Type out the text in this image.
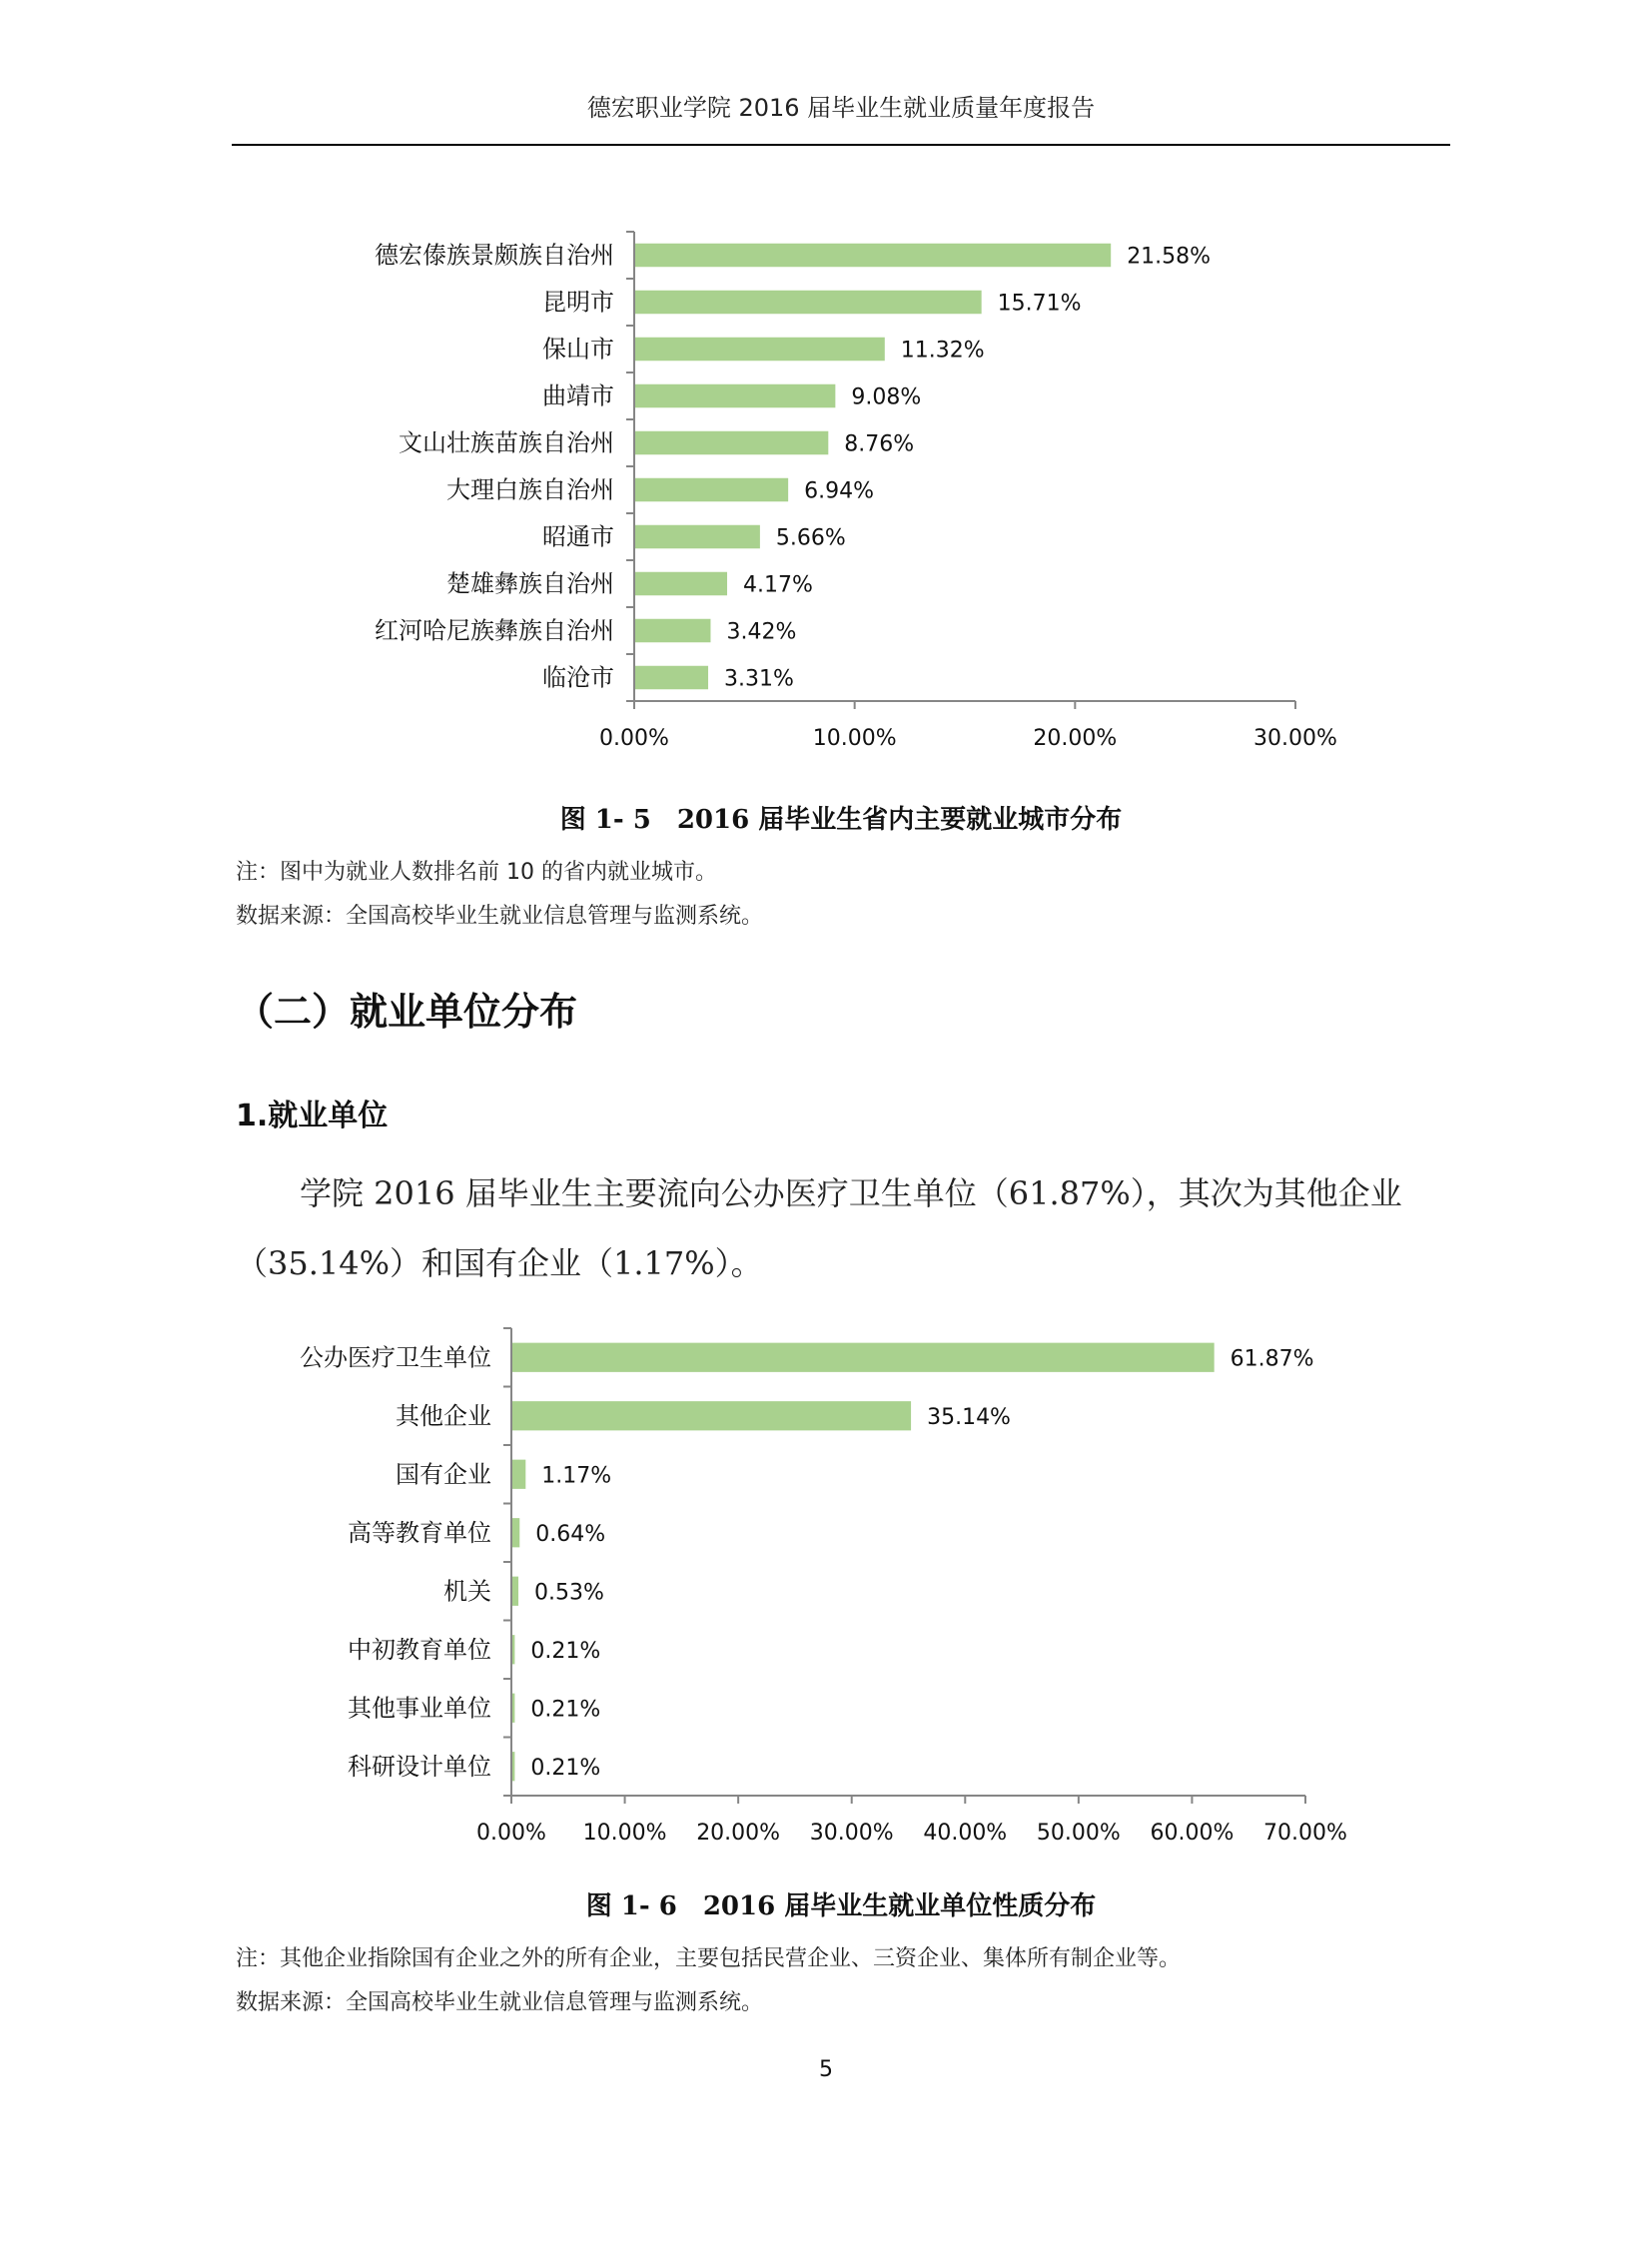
德宏职业学院 2016 届毕业生就业质量年度报告
0.00%	10.00%	20.00%	30.00%
德宏傣族景颇族自治州	21.58%
昆明市	15.71%
保山市	11.32%
曲靖市	9.08%
文山壮族苗族自治州	8.76%
大理白族自治州	6.94%
昭通市	5.66%
楚雄彝族自治州	4.17%
红河哈尼族彝族自治州	3.42%
临沧市	3.31%
图 1- 5　2016 届毕业生省内主要就业城市分布
注：图中为就业人数排名前 10 的省内就业城市。
数据来源：全国高校毕业生就业信息管理与监测系统。
（二）就业单位分布
1.就业单位
学院 2016 届毕业生主要流向公办医疗卫生单位（61.87%），其次为其他企业（35.14%）和国有企业（1.17%）。
0.00% 10.00% 20.00% 30.00% 40.00% 50.00% 60.00% 70.00%
公办医疗卫生单位	61.87%
其他企业	35.14%
国有企业 1.17%
高等教育单位 0.64%
机关 0.53%
中初教育单位 0.21%
其他事业单位 0.21%
科研设计单位 0.21%
图 1- 6　2016 届毕业生就业单位性质分布
注：其他企业指除国有企业之外的所有企业，主要包括民营企业、三资企业、集体所有制企业等。
数据来源：全国高校毕业生就业信息管理与监测系统。
5
